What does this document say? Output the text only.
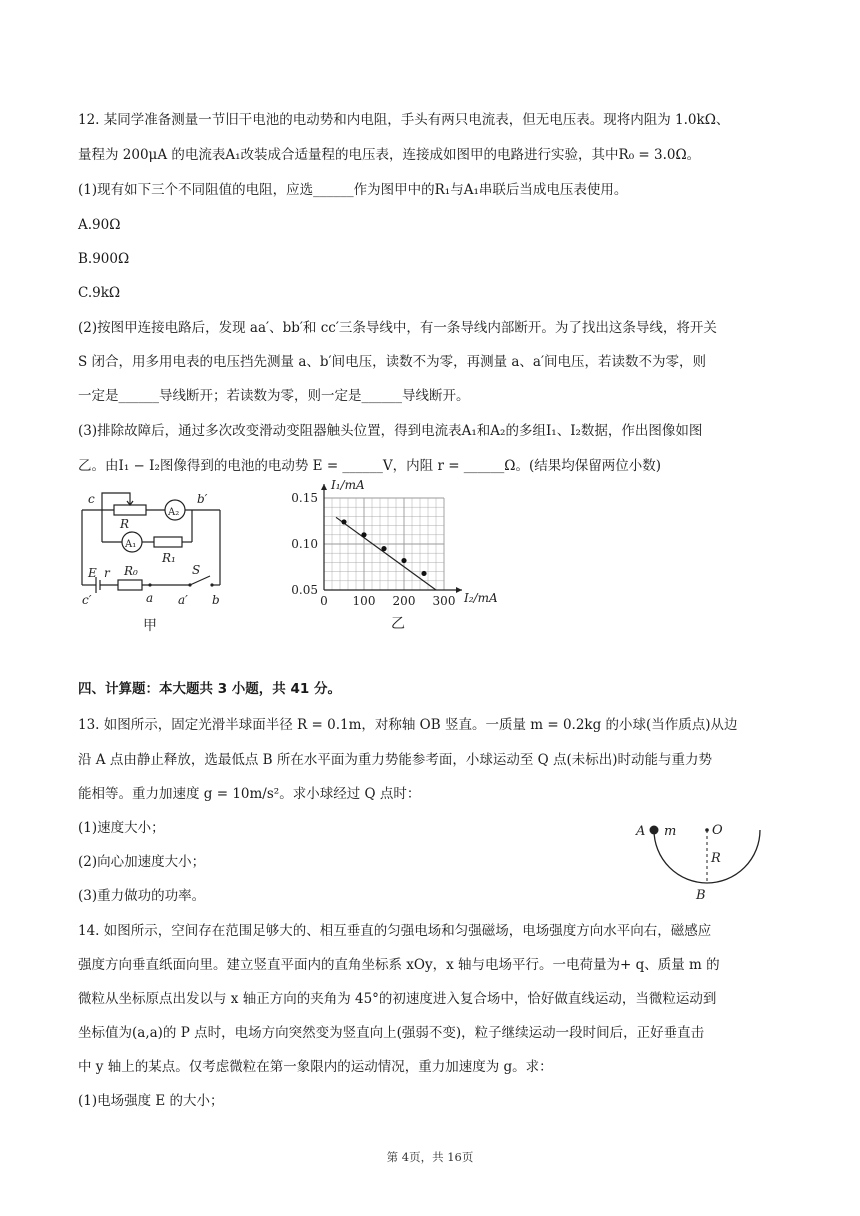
12. 某同学准备测量一节旧干电池的电动势和内电阻，手头有两只电流表，但无电压表。现将内阻为 1.0kΩ、
量程为 200μA 的电流表A₁改装成合适量程的电压表，连接成如图甲的电路进行实验，其中R₀ = 3.0Ω。
(1)现有如下三个不同阻值的电阻，应选______作为图甲中的R₁与A₁串联后当成电压表使用。
A.90Ω
B.900Ω
C.9kΩ
(2)按图甲连接电路后，发现 aa′、bb′和 cc′三条导线中，有一条导线内部断开。为了找出这条导线，将开关
S 闭合，用多用电表的电压挡先测量 a、b′间电压，读数不为零，再测量 a、a′间电压，若读数不为零，则
一定是______导线断开；若读数为零，则一定是______导线断开。
(3)排除故障后，通过多次改变滑动变阻器触头位置，得到电流表A₁和A₂的多组I₁、I₂数据，作出图像如图
乙。由I₁ − I₂图像得到的电池的电动势 E = ______V，内阻 r = ______Ω。(结果均保留两位小数)
c	b′
R
A₂
A₁
R₁
E r R₀	S
c′	a a′ b
甲
0 100 200 300
0.05
0.10
0.15
I₁/mA
I₂/mA
乙
四、计算题：本大题共 3 小题，共 41 分。
13. 如图所示，固定光滑半球面半径 R = 0.1m，对称轴 OB 竖直。一质量 m = 0.2kg 的小球(当作质点)从边
沿 A 点由静止释放，选最低点 B 所在水平面为重力势能参考面，小球运动至 Q 点(未标出)时动能与重力势
能相等。重力加速度 g = 10m/s²。求小球经过 Q 点时：
(1)速度大小；
(2)向心加速度大小；
(3)重力做功的功率。
A m	O
R
B
14. 如图所示，空间存在范围足够大的、相互垂直的匀强电场和匀强磁场，电场强度方向水平向右，磁感应
强度方向垂直纸面向里。建立竖直平面内的直角坐标系 xOy，x 轴与电场平行。一电荷量为+ q、质量 m 的
微粒从坐标原点出发以与 x 轴正方向的夹角为 45°的初速度进入复合场中，恰好做直线运动，当微粒运动到
坐标值为(a,a)的 P 点时，电场方向突然变为竖直向上(强弱不变)，粒子继续运动一段时间后，正好垂直击
中 y 轴上的某点。仅考虑微粒在第一象限内的运动情况，重力加速度为 g。求：
(1)电场强度 E 的大小；
第 4页，共 16页
